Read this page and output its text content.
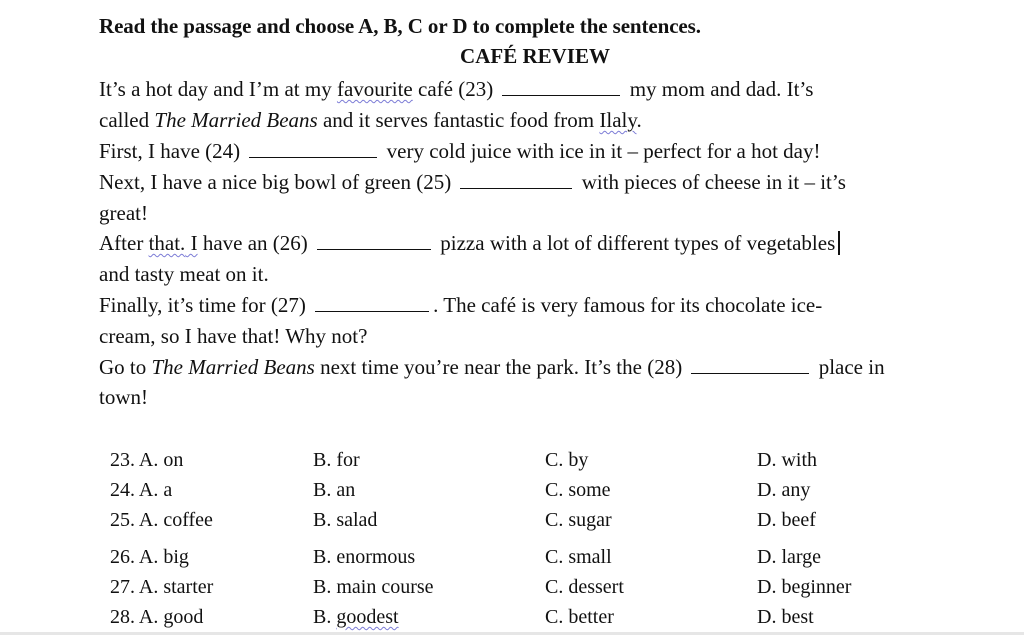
Read the passage and choose A, B, C or D to complete the sentences.
CAFÉ REVIEW
It’s a hot day and I’m at my favourite café (23)	my mom and dad. It’s
called The Married Beans and it serves fantastic food from Ilaly.
First, I have (24)	very cold juice with ice in it – perfect for a hot day!
Next, I have a nice big bowl of green (25)	with pieces of cheese in it – it’s
great!
After that. I have an (26)	pizza with a lot of different types of vegetables
and tasty meat on it.
Finally, it’s time for (27)	. The café is very famous for its chocolate ice-
cream, so I have that! Why not?
Go to The Married Beans next time you’re near the park. It’s the (28)	place in
town!
23. A. on	B. for	C. by	D. with
24. A. a	B. an	C. some	D. any
25. A. coffee	B. salad	C. sugar	D. beef
26. A. big	B. enormous	C. small	D. large
27. A. starter	B. main course	C. dessert	D. beginner
28. A. good	B. goodest	C. better	D. best
